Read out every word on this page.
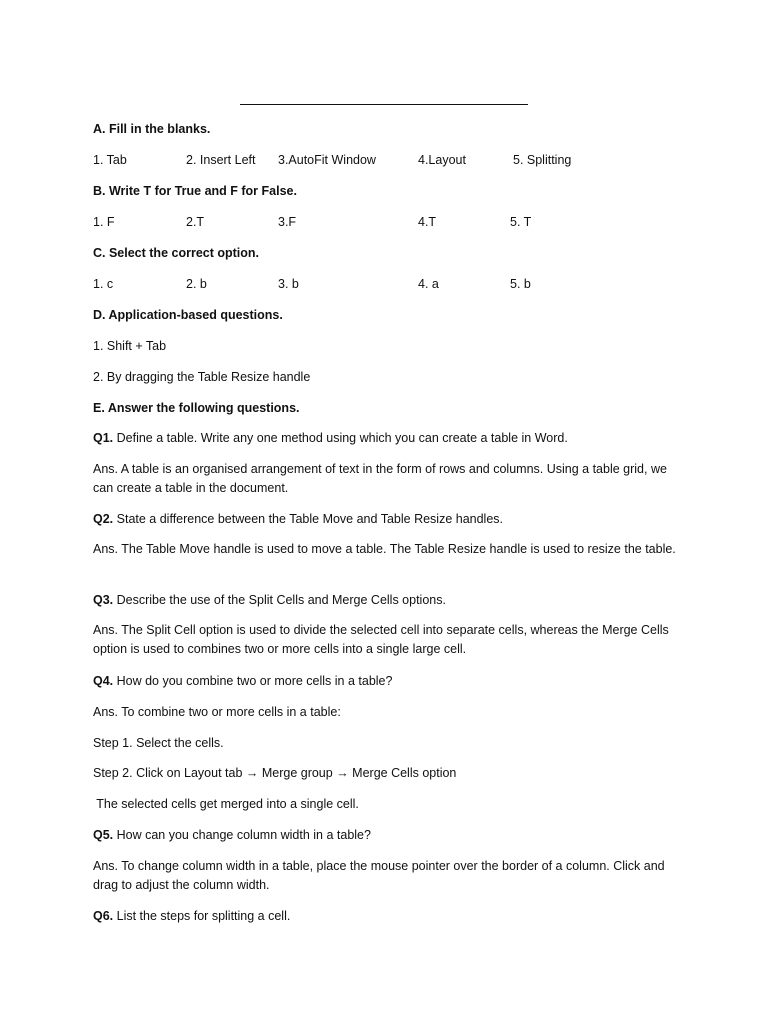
A. Fill in the blanks.
1. Tab	2. Insert Left 3.AutoFit Window	4.Layout	5. Splitting
B. Write T for True and F for False.
1. F	2.T	3.F	4.T	5. T
C. Select the correct option.
1. c	2. b	3. b	4. a	5. b
D. Application-based questions.
1. Shift + Tab
2. By dragging the Table Resize handle
E. Answer the following questions.
Q1. Define a table. Write any one method using which you can create a table in Word.
Ans. A table is an organised arrangement of text in the form of rows and columns. Using a table grid, we can create a table in the document.
Q2. State a difference between the Table Move and Table Resize handles.
Ans. The Table Move handle is used to move a table. The Table Resize handle is used to resize the table.
Q3. Describe the use of the Split Cells and Merge Cells options.
Ans. The Split Cell option is used to divide the selected cell into separate cells, whereas the Merge Cells option is used to combines two or more cells into a single large cell.
Q4. How do you combine two or more cells in a table?
Ans. To combine two or more cells in a table:
Step 1. Select the cells.
Step 2. Click on Layout tab → Merge group → Merge Cells option
The selected cells get merged into a single cell.
Q5. How can you change column width in a table?
Ans. To change column width in a table, place the mouse pointer over the border of a column. Click and drag to adjust the column width.
Q6. List the steps for splitting a cell.
